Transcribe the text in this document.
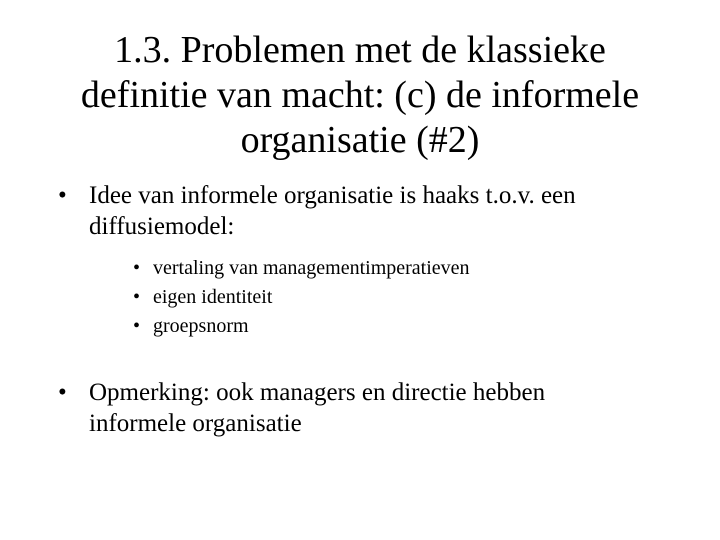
1.3. Problemen met de klassieke
definitie van macht: (c) de informele
organisatie (#2)
• Idee van informele organisatie is haaks t.o.v. een
diffusiemodel:
• vertaling van managementimperatieven
• eigen identiteit
• groepsnorm
• Opmerking: ook managers en directie hebben
informele organisatie
